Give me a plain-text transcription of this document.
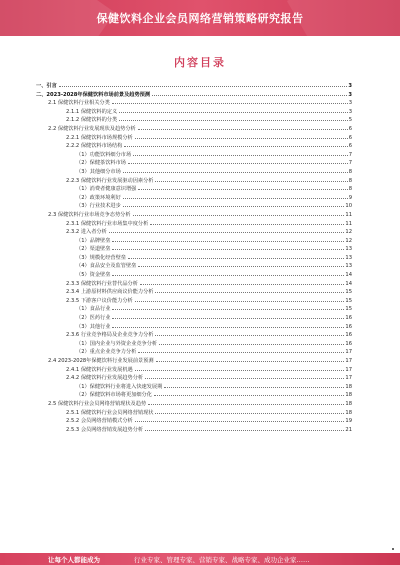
保健饮料企业会员网络营销策略研究报告
内容目录
一、引言	3
二、2023-2028年保健饮料市场前景及趋势预测	3
2.1 保健饮料行业相关分类	3
2.1.1 保健饮料的定义	3
2.1.2 保健饮料的分类	5
2.2 保健饮料行业发展现状及趋势分析	6
2.2.1 保健饮料市场规模分析	6
2.2.2 保健饮料市场结构	6
（1）功能饮料细分市场	7
（2）保健茶饮料市场	7
（3）其他细分市场	8
2.2.3 保健饮料行业发展驱动因素分析	8
（1）消费者健康意识增强	8
（2）政策环境利好	9
（3）行业技术进步	10
2.3 保健饮料行业市场竞争态势分析	11
2.3.1 保健饮料行业市场集中度分析	11
2.3.2 进入者分析	12
（1）品牌壁垒	12
（2）渠道壁垒	13
（3）规模化经营壁垒	13
（4）食品安全及监管壁垒	13
（5）资金壁垒	14
2.3.3 保健饮料行业替代品分析	14
2.3.4 上游原材料供应商议价能力分析	15
2.3.5 下游客户议价能力分析	15
（1）食品行业	15
（2）医药行业	16
（3）其他行业	16
2.3.6 行业竞争格局及企业竞争力分析	16
（1）国内企业与外资企业竞争分析	16
（2）重点企业竞争力分析	17
2.4 2023-2028年保健饮料行业发展前景预测	17
2.4.1 保健饮料行业发展机遇	17
2.4.2 保健饮料行业发展趋势分析	17
（1）保健饮料行业将进入快速发展期	18
（2）保健饮料市场将更加细分化	18
2.5 保健饮料行业会员网络营销现状及趋势	18
2.5.1 保健饮料行业会员网络营销现状	18
2.5.2 会员网络营销模式分析	19
2.5.3 会员网络营销发展趋势分析	21
让每个人都能成为	行业专家、管理专家、营销专家、战略专家、成功企业家……
